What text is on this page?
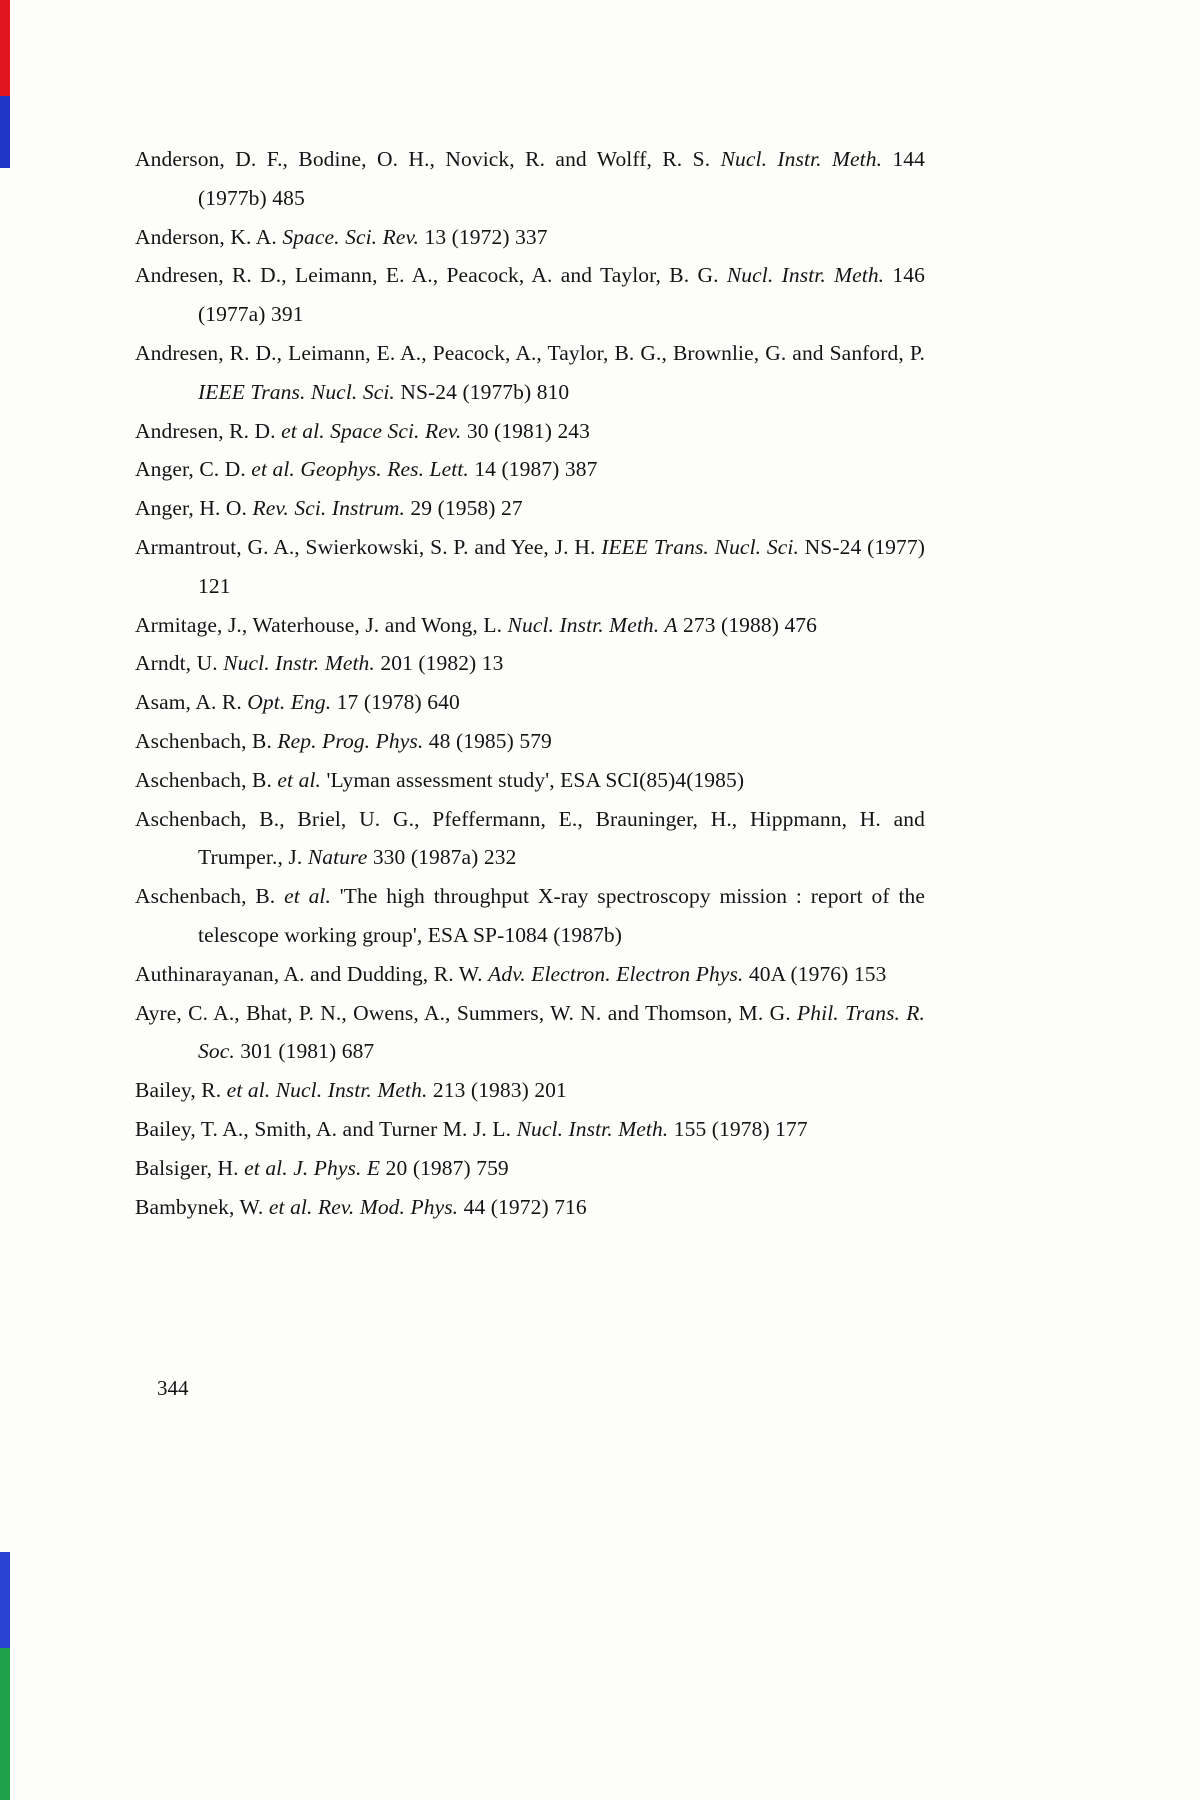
Anderson, D. F., Bodine, O. H., Novick, R. and Wolff, R. S. Nucl. Instr. Meth. 144 (1977b) 485

Anderson, K. A. Space. Sci. Rev. 13 (1972) 337

Andresen, R. D., Leimann, E. A., Peacock, A. and Taylor, B. G. Nucl. Instr. Meth. 146 (1977a) 391

Andresen, R. D., Leimann, E. A., Peacock, A., Taylor, B. G., Brownlie, G. and Sanford, P. IEEE Trans. Nucl. Sci. NS-24 (1977b) 810

Andresen, R. D. et al. Space Sci. Rev. 30 (1981) 243

Anger, C. D. et al. Geophys. Res. Lett. 14 (1987) 387

Anger, H. O. Rev. Sci. Instrum. 29 (1958) 27

Armantrout, G. A., Swierkowski, S. P. and Yee, J. H. IEEE Trans. Nucl. Sci. NS-24 (1977) 121

Armitage, J., Waterhouse, J. and Wong, L. Nucl. Instr. Meth. A 273 (1988) 476

Arndt, U. Nucl. Instr. Meth. 201 (1982) 13

Asam, A. R. Opt. Eng. 17 (1978) 640

Aschenbach, B. Rep. Prog. Phys. 48 (1985) 579

Aschenbach, B. et al. 'Lyman assessment study', ESA SCI(85)4(1985)

Aschenbach, B., Briel, U. G., Pfeffermann, E., Brauninger, H., Hippmann, H. and Trumper., J. Nature 330 (1987a) 232

Aschenbach, B. et al. 'The high throughput X-ray spectroscopy mission : report of the telescope working group', ESA SP-1084 (1987b)

Authinarayanan, A. and Dudding, R. W. Adv. Electron. Electron Phys. 40A (1976) 153

Ayre, C. A., Bhat, P. N., Owens, A., Summers, W. N. and Thomson, M. G. Phil. Trans. R. Soc. 301 (1981) 687

Bailey, R. et al. Nucl. Instr. Meth. 213 (1983) 201

Bailey, T. A., Smith, A. and Turner M. J. L. Nucl. Instr. Meth. 155 (1978) 177

Balsiger, H. et al. J. Phys. E 20 (1987) 759

Bambynek, W. et al. Rev. Mod. Phys. 44 (1972) 716

344
